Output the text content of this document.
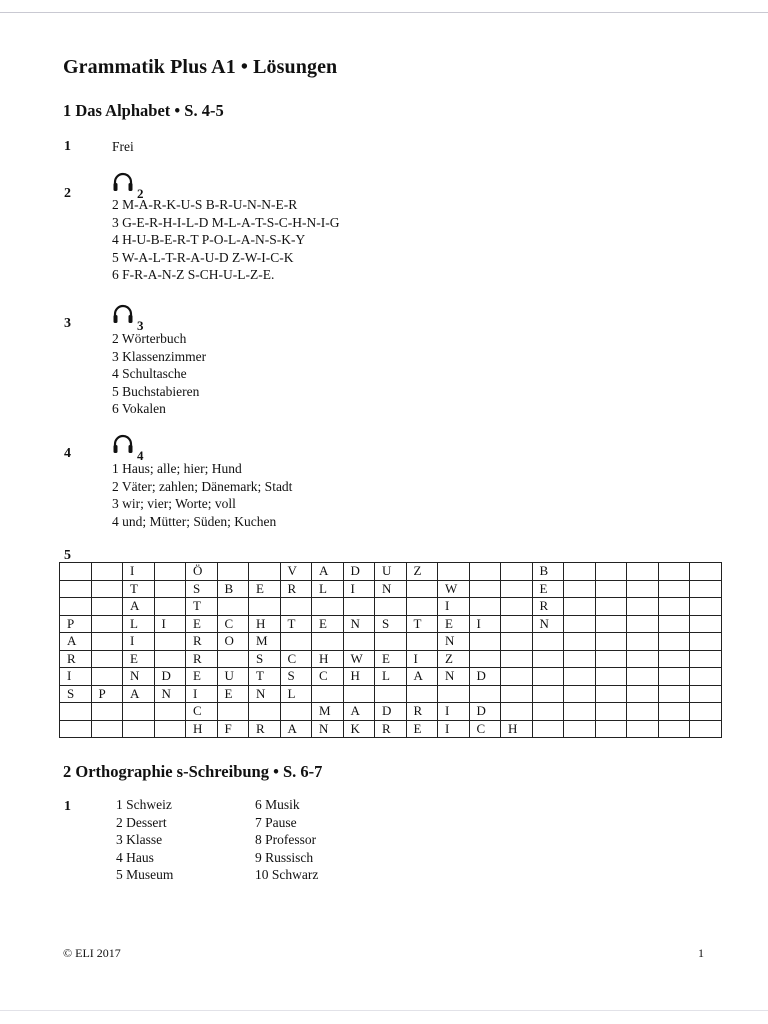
Grammatik Plus A1 • Lösungen
1 Das Alphabet • S. 4-5
1	Frei
2	2
2 M-A-R-K-U-S B-R-U-N-N-E-R
3 G-E-R-H-I-L-D M-L-A-T-S-C-H-N-I-G
4 H-U-B-E-R-T P-O-L-A-N-S-K-Y
5 W-A-L-T-R-A-U-D Z-W-I-C-K
6 F-R-A-N-Z S-CH-U-L-Z-E.
3	3
2 Wörterbuch
3 Klassenzimmer
4 Schultasche
5 Buchstabieren
6 Vokalen
4	4
1 Haus; alle; hier; Hund
2 Väter; zahlen; Dänemark; Stadt
3 wir; vier; Worte; voll
4 und; Mütter; Süden; Kuchen
5
		I		Ö			V	A	D	U	Z				B					
		T		S	B	E	R	L	I	N		W			E					
		A		T								I			R					
P		L	I	E	C	H	T	E	N	S	T	E	I		N					
A		I		R	O	M						N								
R		E		R		S	C	H	W	E	I	Z								
I		N	D	E	U	T	S	C	H	L	A	N	D							
S	P	A	N	I	E	N	L													
				C				M	A	D	R	I	D							
				H	F	R	A	N	K	R	E	I	C	H						
2 Orthographie s-Schreibung • S. 6-7
1	1 Schweiz
2 Dessert
3 Klasse
4 Haus
5 Museum
6 Musik
7 Pause
8 Professor
9 Russisch
10 Schwarz
© ELI 2017	1
